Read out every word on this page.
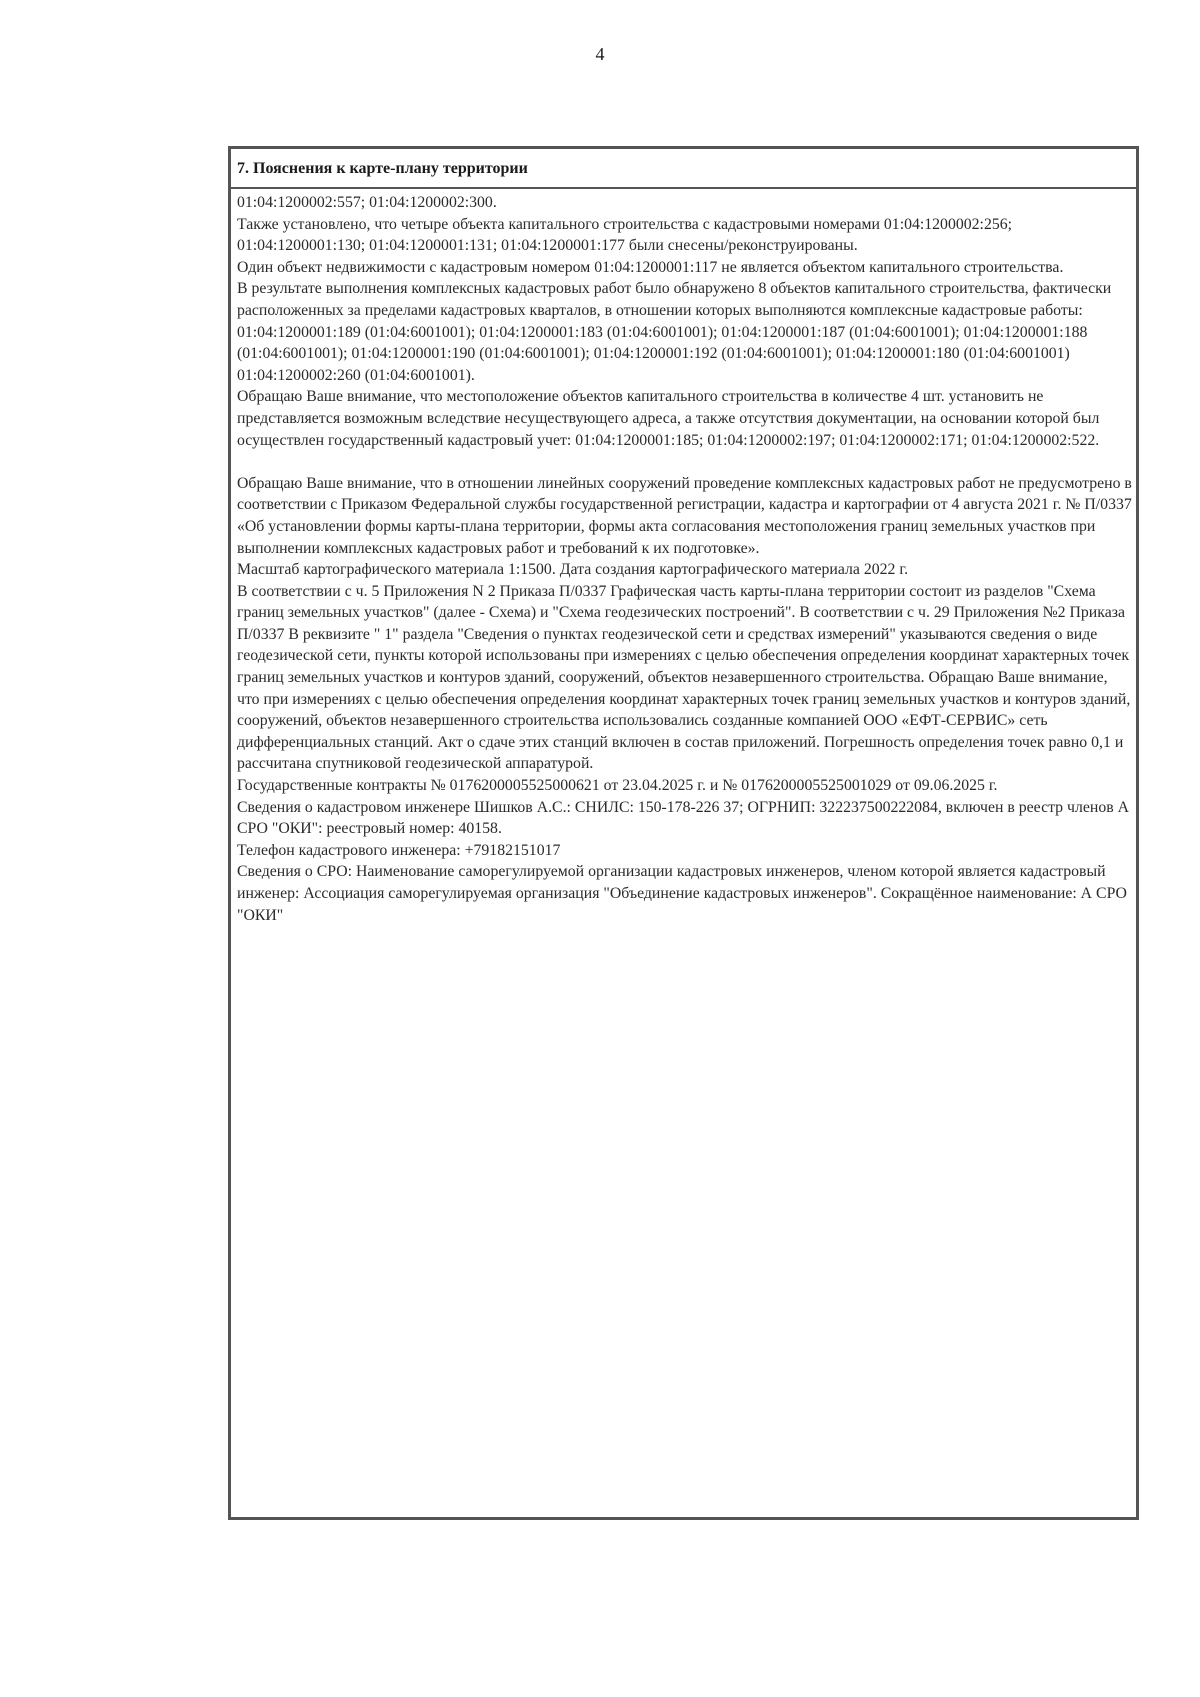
4
7. Пояснения к карте-плану территории

01:04:1200002:557; 01:04:1200002:300.

Также установлено, что четыре объекта капитального строительства с кадастровыми номерами 01:04:1200002:256; 01:04:1200001:130; 01:04:1200001:131; 01:04:1200001:177 были снесены/реконструированы.

Один объект недвижимости с кадастровым номером 01:04:1200001:117 не является объектом капитального строительства.

В результате выполнения комплексных кадастровых работ было обнаружено 8 объектов капитального строительства, фактически расположенных за пределами кадастровых кварталов, в отношении которых выполняются комплексные кадастровые работы: 01:04:1200001:189 (01:04:6001001); 01:04:1200001:183 (01:04:6001001); 01:04:1200001:187 (01:04:6001001); 01:04:1200001:188 (01:04:6001001); 01:04:1200001:190 (01:04:6001001); 01:04:1200001:192 (01:04:6001001); 01:04:1200001:180 (01:04:6001001) 01:04:1200002:260 (01:04:6001001).

Обращаю Ваше внимание, что местоположение объектов капитального строительства в количестве 4 шт. установить не представляется возможным вследствие несуществующего адреса, а также отсутствия документации, на основании которой был осуществлен государственный кадастровый учет: 01:04:1200001:185; 01:04:1200002:197; 01:04:1200002:171; 01:04:1200002:522.

Обращаю Ваше внимание, что в отношении линейных сооружений проведение комплексных кадастровых работ не предусмотрено в соответствии с Приказом Федеральной службы государственной регистрации, кадастра и картографии от 4 августа 2021 г. № П/0337 «Об установлении формы карты-плана территории, формы акта согласования местоположения границ земельных участков при выполнении комплексных кадастровых работ и требований к их подготовке».

Масштаб картографического материала 1:1500. Дата создания картографического материала 2022 г.

В соответствии с ч. 5 Приложения N 2 Приказа П/0337 Графическая часть карты-плана территории состоит из разделов "Схема границ земельных участков" (далее - Схема) и "Схема геодезических построений". В соответствии с ч. 29 Приложения №2 Приказа П/0337 В реквизите " 1" раздела "Сведения о пунктах геодезической сети и средствах измерений" указываются сведения о виде геодезической сети, пункты которой использованы при измерениях с целью обеспечения определения координат характерных точек границ земельных участков и контуров зданий, сооружений, объектов незавершенного строительства. Обращаю Ваше внимание, что при измерениях с целью обеспечения определения координат характерных точек границ земельных участков и контуров зданий, сооружений, объектов незавершенного строительства использовались созданные компанией ООО «ЕФТ-СЕРВИС» сеть дифференциальных станций. Акт о сдаче этих станций включен в состав приложений. Погрешность определения точек равно 0,1 и рассчитана спутниковой геодезической аппаратурой.

Государственные контракты № 0176200005525000621 от 23.04.2025 г. и № 0176200005525001029 от 09.06.2025 г.

Сведения о кадастровом инженере Шишков А.С.: СНИЛС: 150-178-226 37; ОГРНИП: 322237500222084, включен в реестр членов А СРО "ОКИ": реестровый номер: 40158.

Телефон кадастрового инженера: +79182151017

Сведения о СРО: Наименование саморегулируемой организации кадастровых инженеров, членом которой является кадастровый инженер: Ассоциация саморегулируемая организация "Объединение кадастровых инженеров". Сокращённое наименование: А СРО "ОКИ"
